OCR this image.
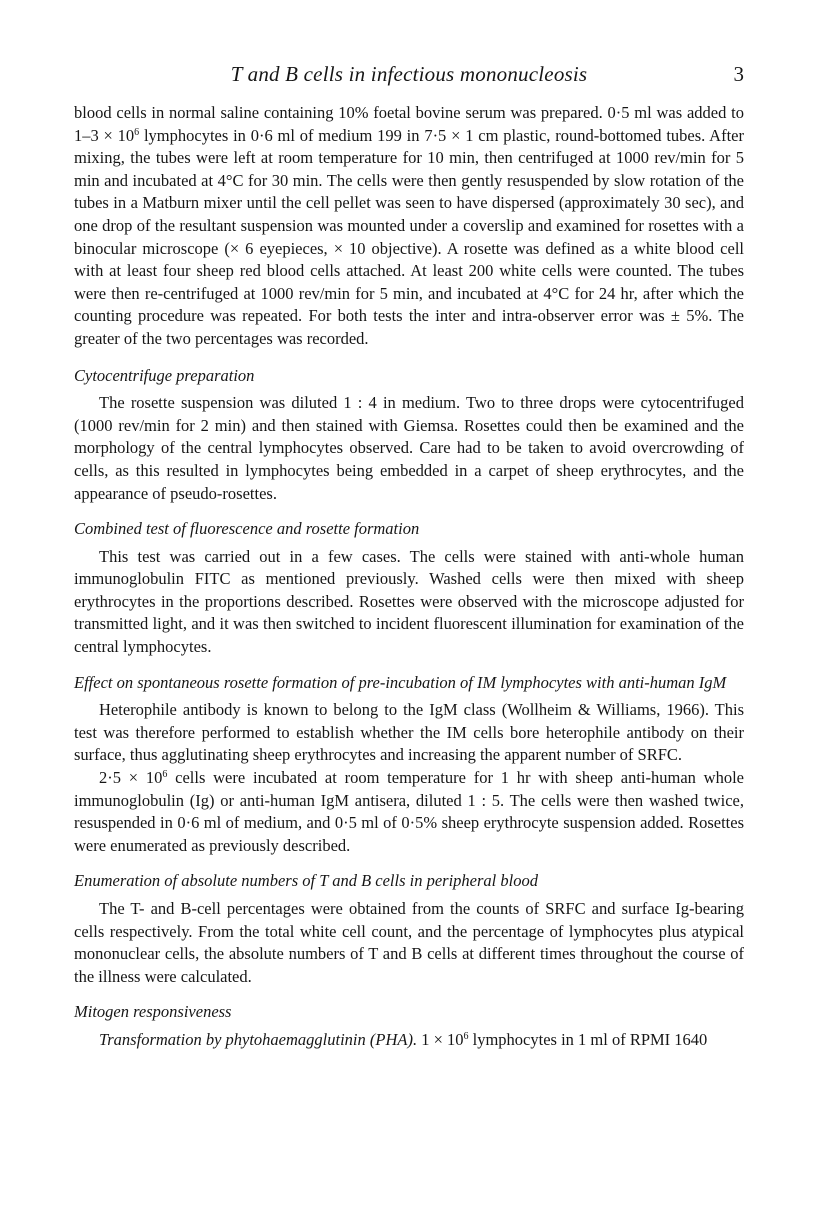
T and B cells in infectious mononucleosis	3

blood cells in normal saline containing 10% foetal bovine serum was prepared. 0·5 ml was added to $1-3 \times 10^6$ lymphocytes in 0·6 ml of medium 199 in 7·5 × 1 cm plastic, round-bottomed tubes. After mixing, the tubes were left at room temperature for 10 min, then centrifuged at 1000 rev/min for 5 min and incubated at 4°C for 30 min. The cells were then gently resuspended by slow rotation of the tubes in a Matburn mixer until the cell pellet was seen to have dispersed (approximately 30 sec), and one drop of the resultant suspension was mounted under a coverslip and examined for rosettes with a binocular microscope (× 6 eyepieces, × 10 objective). A rosette was defined as a white blood cell with at least four sheep red blood cells attached. At least 200 white cells were counted. The tubes were then re-centrifuged at 1000 rev/min for 5 min, and incubated at 4°C for 24 hr, after which the counting procedure was repeated. For both tests the inter and intra-observer error was ± 5%. The greater of the two percentages was recorded.

Cytocentrifuge preparation

The rosette suspension was diluted 1 : 4 in medium. Two to three drops were cytocentrifuged (1000 rev/min for 2 min) and then stained with Giemsa. Rosettes could then be examined and the morphology of the central lymphocytes observed. Care had to be taken to avoid overcrowding of cells, as this resulted in lymphocytes being embedded in a carpet of sheep erythrocytes, and the appearance of pseudo-rosettes.

Combined test of fluorescence and rosette formation

This test was carried out in a few cases. The cells were stained with anti-whole human immunoglobulin FITC as mentioned previously. Washed cells were then mixed with sheep erythrocytes in the proportions described. Rosettes were observed with the microscope adjusted for transmitted light, and it was then switched to incident fluorescent illumination for examination of the central lymphocytes.

Effect on spontaneous rosette formation of pre-incubation of IM lymphocytes with anti-human IgM

Heterophile antibody is known to belong to the IgM class (Wollheim & Williams, 1966). This test was therefore performed to establish whether the IM cells bore heterophile antibody on their surface, thus agglutinating sheep erythrocytes and increasing the apparent number of SRFC.

$2\cdot 5 \times 10^6$ cells were incubated at room temperature for 1 hr with sheep anti-human whole immunoglobulin (Ig) or anti-human IgM antisera, diluted 1 : 5. The cells were then washed twice, resuspended in 0·6 ml of medium, and 0·5 ml of 0·5% sheep erythrocyte suspension added. Rosettes were enumerated as previously described.

Enumeration of absolute numbers of T and B cells in peripheral blood

The T- and B-cell percentages were obtained from the counts of SRFC and surface Ig-bearing cells respectively. From the total white cell count, and the percentage of lymphocytes plus atypical mononuclear cells, the absolute numbers of T and B cells at different times throughout the course of the illness were calculated.

Mitogen responsiveness

Transformation by phytohaemagglutinin (PHA). $1 \times 10^6$ lymphocytes in 1 ml of RPMI 1640
